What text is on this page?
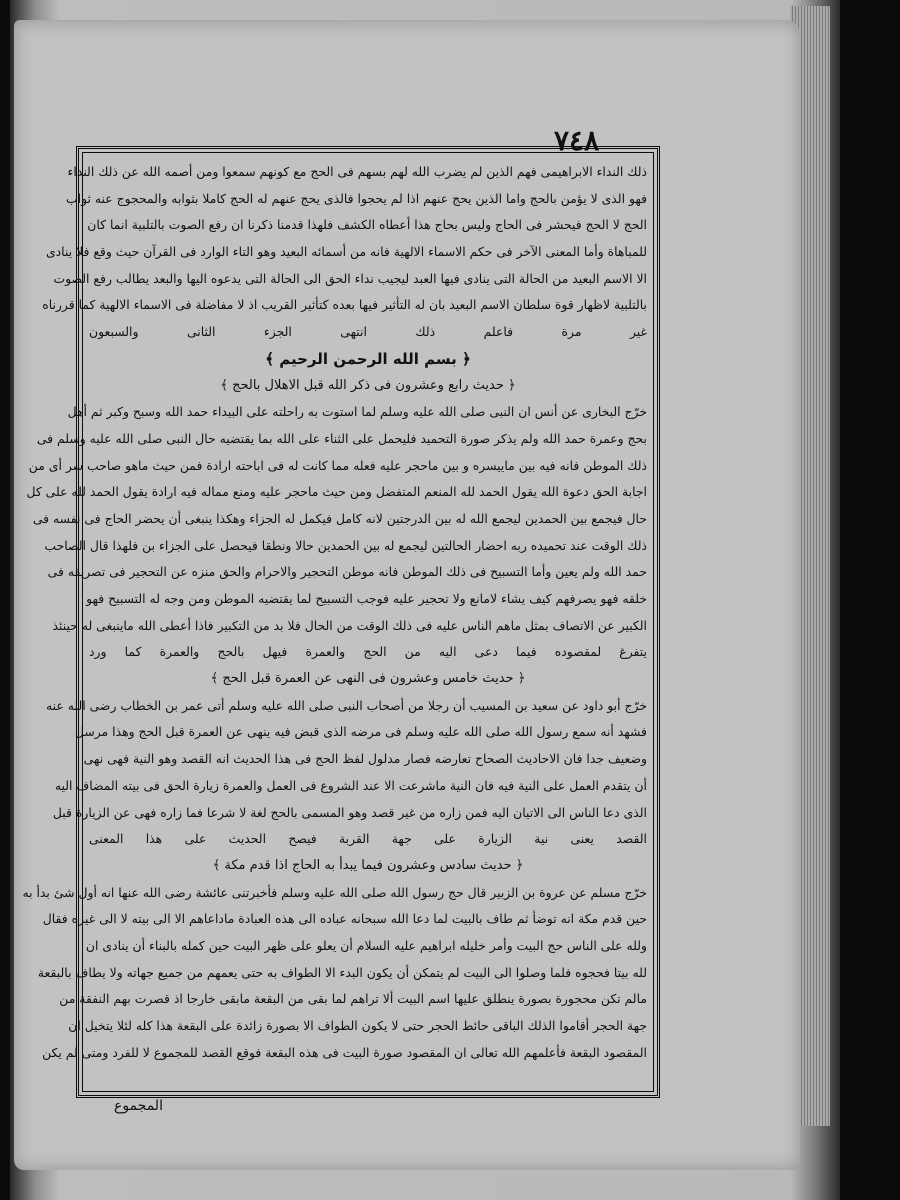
٧٤٨
ذلك النداء الابراهيمى فهم الذين لم يضرب الله لهم بسهم فى الحج مع كونهم سمعوا ومن أصمه الله عن ذلك النداء
فهو الذى لا يؤمن بالحج واما الذين يحج عنهم اذا لم يحجوا فالذى يحج عنهم له الحج كاملا بثوابه والمحجوج عنه ثواب
الحج لا الحج فيحشر فى الحاج وليس بحاج هذا أعطاه الكشف فلهذا قدمنا ذكرنا ان رفع الصوت بالتلبية انما كان
للمباهاة وأما المعنى الآخر فى حكم الاسماء الالهية فانه من أسمائه البعيد وهو التاء الوارد فى القرآن حيث وقع فلا ينادى
الا الاسم البعيد من الحالة التى ينادى فيها العبد ليجيب نداء الحق الى الحالة التى يدعوه اليها والبعد يطالب رفع الصوت
بالتلبية لاظهار قوة سلطان الاسم البعيد بان له التأثير فيها بعده كتأثير القريب اذ لا مفاضلة فى الاسماء الالهية كما قررناه
غير مرة فاعلم ذلك انتهى الجزء الثانى والسبعون
﴿ بسم الله الرحمن الرحيم ﴾
﴿ حديث رابع وعشرون فى ذكر الله قبل الاهلال بالحج ﴾
خرّج البخارى عن أنس ان النبى صلى الله عليه وسلم لما استوت به راحلته على البيداء حمد الله وسبح وكبر ثم أهل
بحج وعمرة حمد الله ولم يذكر صورة التحميد فليحمل على الثناء على الله بما يقتضيه حال النبى صلى الله عليه وسلم فى
ذلك الموطن فانه فيه بين ماييسره و بين ماحجر عليه فعله مما كانت له فى اباحته ارادة فمن حيث ماهو صاحب سر أى من
اجابة الحق دعوة الله يقول الحمد لله المنعم المتفضل ومن حيث ماحجر عليه ومنع مماله فيه ارادة يقول الحمد لله على كل
حال فيجمع بين الحمدين ليجمع الله له بين الدرجتين لانه كامل فيكمل له الجزاء وهكذا ينبغى أن يحضر الحاج فى نفسه فى
ذلك الوقت عند تحميده ربه احضار الحالتين ليجمع له بين الحمدين حالا ونطقا فيحصل على الجزاء بن فلهذا قال الصاحب
حمد الله ولم يعين وأما التسبيح فى ذلك الموطن فانه موطن التحجير والاحرام والحق منزه عن التحجير فى تصريفه فى
خلقه فهو يصرفهم كيف يشاء لامانع ولا تحجير عليه فوجب التسبيح لما يقتضيه الموطن ومن وجه له التسبيح فهو
الكبير عن الاتصاف بمثل ماهم الناس عليه فى ذلك الوقت من الحال فلا بد من التكبير فاذا أعطى الله ماينبغى له حينئذ
يتفرغ لمقصوده فيما دعى اليه من الحج والعمرة فيهل بالحج والعمرة كما ورد
﴿ حديث خامس وعشرون فى النهى عن العمرة قبل الحج ﴾
خرّج أبو داود عن سعيد بن المسيب أن رجلا من أصحاب النبى صلى الله عليه وسلم أتى عمر بن الخطاب رضى الله عنه
فشهد أنه سمع رسول الله صلى الله عليه وسلم فى مرضه الذى قبض فيه ينهى عن العمرة قبل الحج وهذا مرسل
وضعيف جدا فان الاحاديث الصحاح تعارضه فصار مدلول لفظ الحج فى هذا الحديث انه القصد وهو النية فهى نهى
أن يتقدم العمل على النية فيه فان النية ماشرعت الا عند الشروع فى العمل والعمرة زيارة الحق فى بيته المضاف اليه
الذى دعا الناس الى الاتيان اليه فمن زاره من غير قصد وهو المسمى بالحج لغة لا شرعا فما زاره فهى عن الزيارة قبل
القصد يعنى نية الزيارة على جهة القربة فيصح الحديث على هذا المعنى
﴿ حديث سادس وعشرون فيما يبدأ به الحاج اذا قدم مكة ﴾
خرّج مسلم عن عروة بن الزبير قال حج رسول الله صلى الله عليه وسلم فأخبرتنى عائشة رضى الله عنها انه أول شئ بدأ به
حين قدم مكة انه توضأ ثم طاف بالبيت لما دعا الله سبحانه عباده الى هذه العبادة ماداعاهم الا الى بيته لا الى غيره فقال
ولله على الناس حج البيت وأمر خليله ابراهيم عليه السلام أن يعلو على ظهر البيت حين كمله بالبناء أن ينادى ان
لله بيتا فحجوه فلما وصلوا الى البيت لم يتمكن أن يكون البدء الا الطواف به حتى يعمهم من جميع جهاته ولا يطاف بالبقعة
مالم تكن محجورة بصورة ينطلق عليها اسم البيت ألا تراهم لما بقى من البقعة مابقى خارجا اذ قصرت بهم النفقة من
جهة الحجر أقاموا الذلك الباقى حائط الحجر حتى لا يكون الطواف الا بصورة زائدة على البقعة هذا كله لئلا يتخيل ان
المقصود البقعة فأعلمهم الله تعالى ان المقصود صورة البيت فى هذه البقعة فوقع القصد للمجموع لا للفرد ومتى لم يكن
المجموع
